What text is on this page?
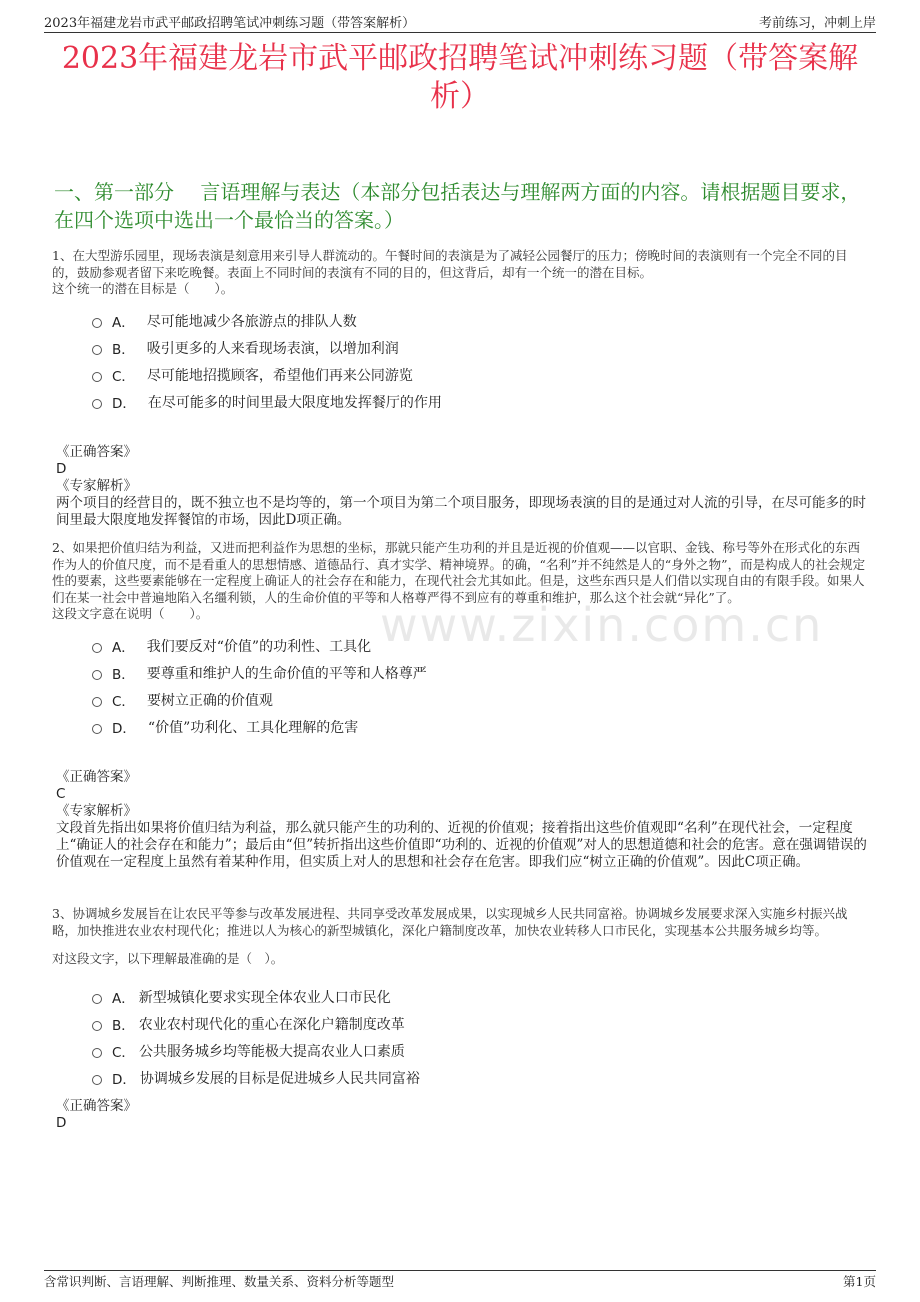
2023年福建龙岩市武平邮政招聘笔试冲刺练习题（带答案解析）	考前练习，冲刺上岸
2023年福建龙岩市武平邮政招聘笔试冲刺练习题（带答案解析）
一、第一部分　 言语理解与表达（本部分包括表达与理解两方面的内容。请根据题目要求，在四个选项中选出一个最恰当的答案。）

1、在大型游乐园里，现场表演是刻意用来引导人群流动的。午餐时间的表演是为了减轻公园餐厅的压力；傍晚时间的表演则有一个完全不同的目的，鼓励参观者留下来吃晚餐。表面上不同时间的表演有不同的目的，但这背后，却有一个统一的潜在目标。

这个统一的潜在目标是（　　）。

A． 尽可能地减少各旅游点的排队人数
B． 吸引更多的人来看现场表演，以增加利润
C． 尽可能地招揽顾客，希望他们再来公同游览
D． 在尽可能多的时间里最大限度地发挥餐厅的作用
《正确答案》
D
《专家解析》
两个项目的经营目的，既不独立也不是均等的，第一个项目为第二个项目服务，即现场表演的目的是通过对人流的引导，在尽可能多的时间里最大限度地发挥餐馆的市场，因此D项正确。

2、如果把价值归结为利益，又进而把利益作为思想的坐标，那就只能产生功利的并且是近视的价值观——以官职、金钱、称号等外在形式化的东西作为人的价值尺度，而不是看重人的思想情感、道德品行、真才实学、精神境界。的确，“名利”并不纯然是人的“身外之物”，而是构成人的社会规定性的要素，这些要素能够在一定程度上确证人的社会存在和能力，在现代社会尤其如此。但是，这些东西只是人们借以实现自由的有限手段。如果人们在某一社会中普遍地陷入名缰利锁，人的生命价值的平等和人格尊严得不到应有的尊重和维护，那么这个社会就“异化”了。

这段文字意在说明（　　）。

A． 我们要反对“价值”的功利性、工具化
B． 要尊重和维护人的生命价值的平等和人格尊严
C． 要树立正确的价值观
D． “价值”功利化、工具化理解的危害
《正确答案》
C
《专家解析》
文段首先指出如果将价值归结为利益，那么就只能产生的功利的、近视的价值观；接着指出这些价值观即“名利”在现代社会，一定程度上“确证人的社会存在和能力”；最后由“但”转折指出这些价值即“功利的、近视的价值观”对人的思想道德和社会的危害。意在强调错误的价值观在一定程度上虽然有着某种作用，但实质上对人的思想和社会存在危害。即我们应“树立正确的价值观”。因此C项正确。

3、协调城乡发展旨在让农民平等参与改革发展进程、共同享受改革发展成果，以实现城乡人民共同富裕。协调城乡发展要求深入实施乡村振兴战略，加快推进农业农村现代化；推进以人为核心的新型城镇化，深化户籍制度改革，加快农业转移人口市民化，实现基本公共服务城乡均等。

对这段文字，以下理解最准确的是（　）。

A． 新型城镇化要求实现全体农业人口市民化
B． 农业农村现代化的重心在深化户籍制度改革
C． 公共服务城乡均等能极大提高农业人口素质
D． 协调城乡发展的目标是促进城乡人民共同富裕
《正确答案》
D
www.zixin.com.cn
含常识判断、言语理解、判断推理、数量关系、资料分析等题型	第1页
